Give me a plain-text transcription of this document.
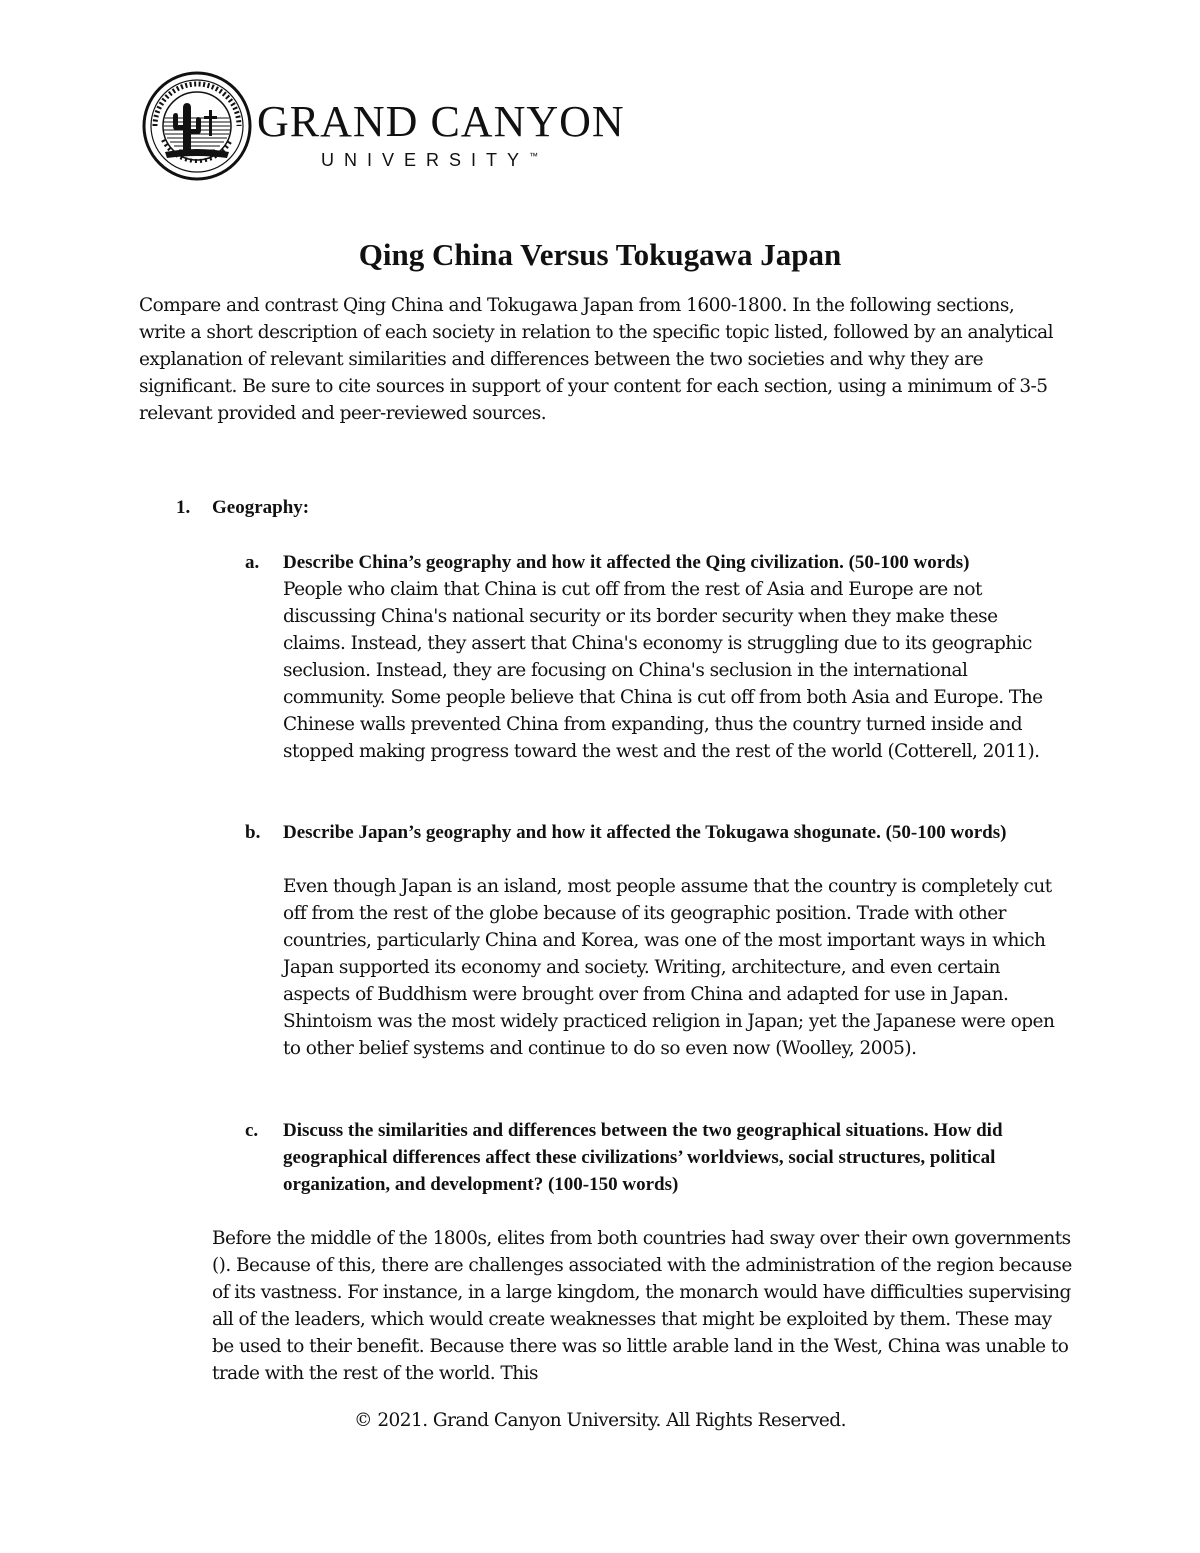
GRAND CANYON
UNIVERSITY™
Qing China Versus Tokugawa Japan

Compare and contrast Qing China and Tokugawa Japan from 1600-1800. In the following sections, write a short description of each society in relation to the specific topic listed, followed by an analytical explanation of relevant similarities and differences between the two societies and why they are significant. Be sure to cite sources in support of your content for each section, using a minimum of 3-5 relevant provided and peer-reviewed sources.

1. Geography:
a. Describe China’s geography and how it affected the Qing civilization. (50-100 words)

People who claim that China is cut off from the rest of Asia and Europe are not discussing China's national security or its border security when they make these claims. Instead, they assert that China's economy is struggling due to its geographic seclusion. Instead, they are focusing on China's seclusion in the international community. Some people believe that China is cut off from both Asia and Europe. The Chinese walls prevented China from expanding, thus the country turned inside and stopped making progress toward the west and the rest of the world (Cotterell, 2011).

b. Describe Japan’s geography and how it affected the Tokugawa shogunate. (50-100 words)

Even though Japan is an island, most people assume that the country is completely cut off from the rest of the globe because of its geographic position. Trade with other countries, particularly China and Korea, was one of the most important ways in which Japan supported its economy and society. Writing, architecture, and even certain aspects of Buddhism were brought over from China and adapted for use in Japan. Shintoism was the most widely practiced religion in Japan; yet the Japanese were open to other belief systems and continue to do so even now (Woolley, 2005).

c. Discuss the similarities and differences between the two geographical situations. How did geographical differences affect these civilizations’ worldviews, social structures, political organization, and development? (100-150 words)

Before the middle of the 1800s, elites from both countries had sway over their own governments (). Because of this, there are challenges associated with the administration of the region because of its vastness. For instance, in a large kingdom, the monarch would have difficulties supervising all of the leaders, which would create weaknesses that might be exploited by them. These may be used to their benefit. Because there was so little arable land in the West, China was unable to trade with the rest of the world. This

© 2021. Grand Canyon University. All Rights Reserved.
